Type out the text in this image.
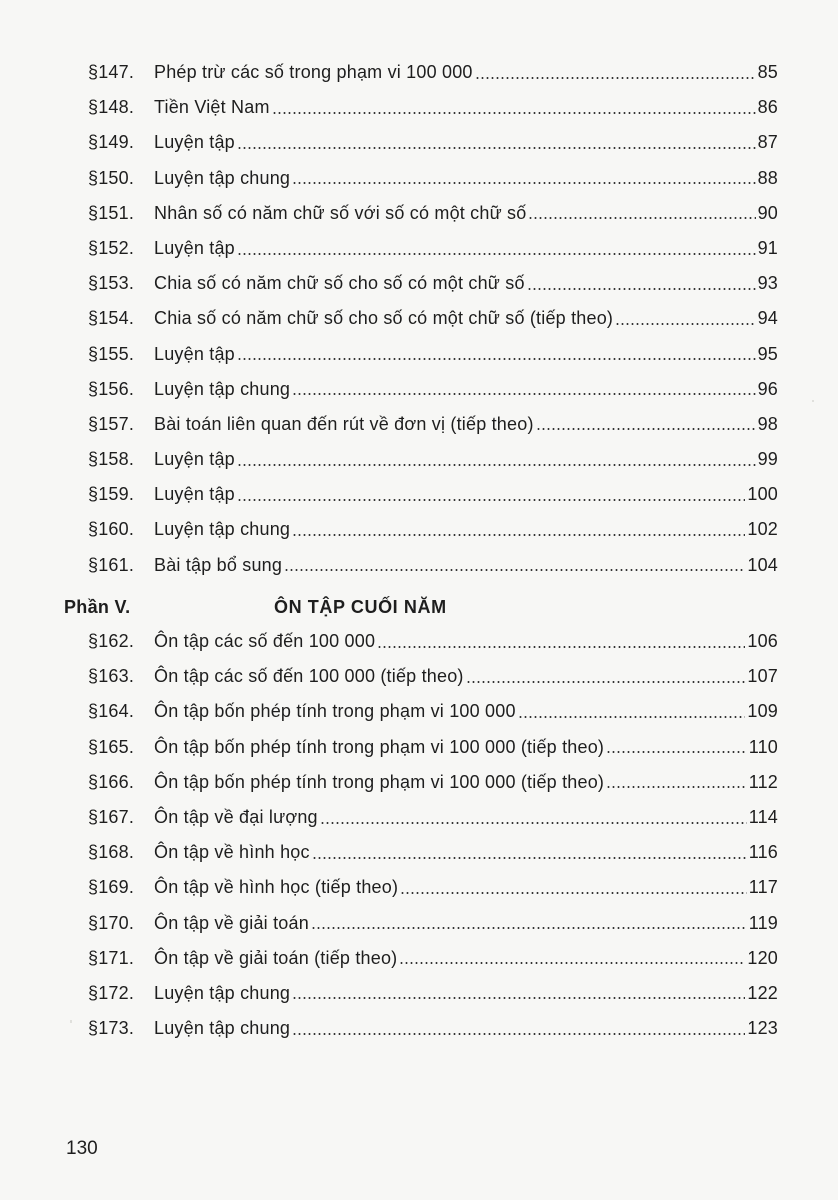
§147.	Phép trừ các số trong phạm vi 100 000	85
§148.	Tiền Việt Nam	86
§149.	Luyện tập	87
§150.	Luyện tập chung	88
§151.	Nhân số có năm chữ số với số có một chữ số	90
§152.	Luyện tập	91
§153.	Chia số có năm chữ số cho số có một chữ số	93
§154.	Chia số có năm chữ số cho số có một chữ số (tiếp theo)	94
§155.	Luyện tập	95
§156.	Luyện tập chung	96
§157.	Bài toán liên quan đến rút về đơn vị (tiếp theo)	98
§158.	Luyện tập	99
§159.	Luyện tập	100
§160.	Luyện tập chung	102
§161.	Bài tập bổ sung	104
Phần V.	ÔN TẬP CUỐI NĂM
§162.	Ôn tập các số đến 100 000	106
§163.	Ôn tập các số đến 100 000 (tiếp theo)	107
§164.	Ôn tập bốn phép tính trong phạm vi 100 000	109
§165.	Ôn tập bốn phép tính trong phạm vi 100 000 (tiếp theo)	110
§166.	Ôn tập bốn phép tính trong phạm vi 100 000 (tiếp theo)	112
§167.	Ôn tập về đại lượng	114
§168.	Ôn tập về hình học	116
§169.	Ôn tập về hình học (tiếp theo)	117
§170.	Ôn tập về giải toán	119
§171.	Ôn tập về giải toán (tiếp theo)	120
§172.	Luyện tập chung	122
§173.	Luyện tập chung	123
130
